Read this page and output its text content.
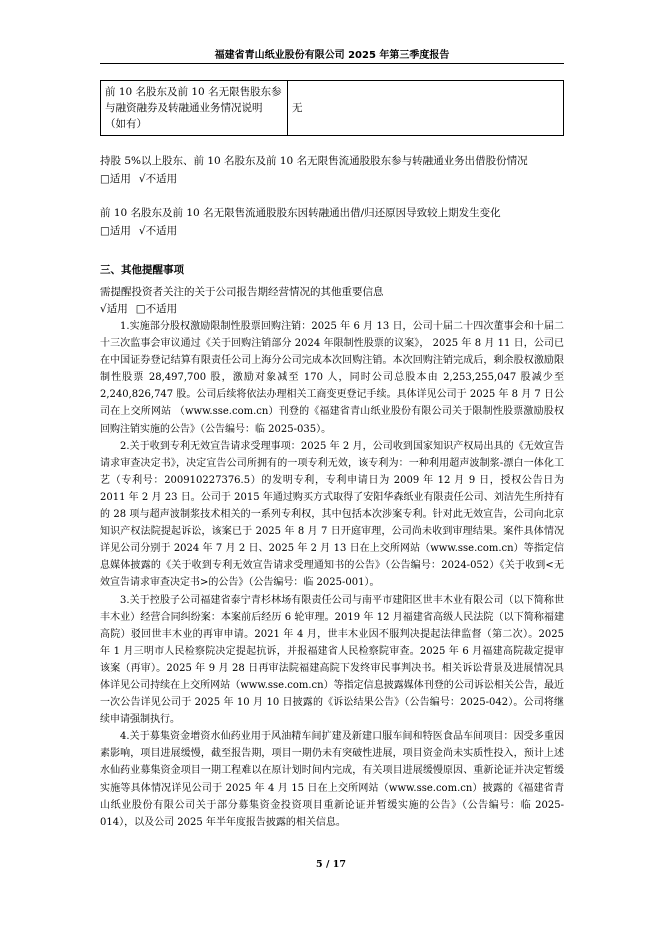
福建省青山纸业股份有限公司 2025 年第三季度报告
前 10 名股东及前 10 名无限售股东参与融资融券及转融通业务情况说明（如有）	无

持股 5%以上股东、前 10 名股东及前 10 名无限售流通股股东参与转融通业务出借股份情况

□适用 √不适用

前 10 名股东及前 10 名无限售流通股股东因转融通出借/归还原因导致较上期发生变化

□适用 √不适用

三、其他提醒事项

需提醒投资者关注的关于公司报告期经营情况的其他重要信息

√适用 □不适用

1.实施部分股权激励限制性股票回购注销：2025 年 6 月 13 日，公司十届二十四次董事会和十届二十三次监事会审议通过《关于回购注销部分 2024 年限制性股票的议案》， 2025 年 8 月 11 日，公司已在中国证券登记结算有限责任公司上海分公司完成本次回购注销。本次回购注销完成后，剩余股权激励限制性股票 28,497,700 股，激励对象减至 170 人，同时公司总股本由 2,253,255,047 股减少至 2,240,826,747 股。公司后续将依法办理相关工商变更登记手续。具体详见公司于 2025 年 8 月 7 日公司在上交所网站 （www.sse.com.cn）刊登的《福建省青山纸业股份有限公司关于限制性股票激励股权回购注销实施的公告》（公告编号：临 2025-035）。

2.关于收到专利无效宣告请求受理事项：2025 年 2 月，公司收到国家知识产权局出具的《无效宣告请求审查决定书》，决定宣告公司所拥有的一项专利无效，该专利为：一种利用超声波制浆-漂白一体化工艺（专利号：200910227376.5）的发明专利，专利申请日为 2009 年 12 月 9 日，授权公告日为 2011 年 2 月 23 日。公司于 2015 年通过购买方式取得了安阳华森纸业有限责任公司、刘洁先生所持有的 28 项与超声波制浆技术相关的一系列专利权，其中包括本次涉案专利。针对此无效宣告，公司向北京知识产权法院提起诉讼，该案已于 2025 年 8 月 7 日开庭审理，公司尚未收到审理结果。案件具体情况详见公司分别于 2024 年 7 月 2 日、2025 年 2 月 13 日在上交所网站（www.sse.com.cn）等指定信息媒体披露的《关于收到专利无效宣告请求受理通知书的公告》（公告编号：2024-052）《关于收到<无效宣告请求审查决定书>的公告》（公告编号：临 2025-001）。

3.关于控股子公司福建省泰宁青杉林场有限责任公司与南平市建阳区世丰木业有限公司（以下简称世丰木业）经营合同纠纷案：本案前后经历 6 轮审理。2019 年 12 月福建省高级人民法院（以下简称福建高院）驳回世丰木业的再审申请。2021 年 4 月，世丰木业因不服判决提起法律监督（第二次）。2025 年 1 月三明市人民检察院决定提起抗诉，并报福建省人民检察院审查。2025 年 6 月福建高院裁定提审该案（再审）。2025 年 9 月 28 日再审法院福建高院下发终审民事判决书。相关诉讼背景及进展情况具体详见公司持续在上交所网站（www.sse.com.cn）等指定信息披露媒体刊登的公司诉讼相关公告，最近一次公告详见公司于 2025 年 10 月 10 日披露的《诉讼结果公告》（公告编号：2025-042）。公司将继续申请强制执行。

4.关于募集资金增资水仙药业用于风油精车间扩建及新建口服车间和特医食品车间项目：因受多重因素影响，项目进展缓慢，截至报告期，项目一期仍未有突破性进展，项目资金尚未实质性投入，预计上述水仙药业募集资金项目一期工程难以在原计划时间内完成，有关项目进展缓慢原因、重新论证并决定暂缓实施等具体情况详见公司于 2025 年 4 月 15 日在上交所网站（www.sse.com.cn）披露的《福建省青山纸业股份有限公司关于部分募集资金投资项目重新论证并暂缓实施的公告》（公告编号：临 2025-014），以及公司 2025 年半年度报告披露的相关信息。

5 / 17
